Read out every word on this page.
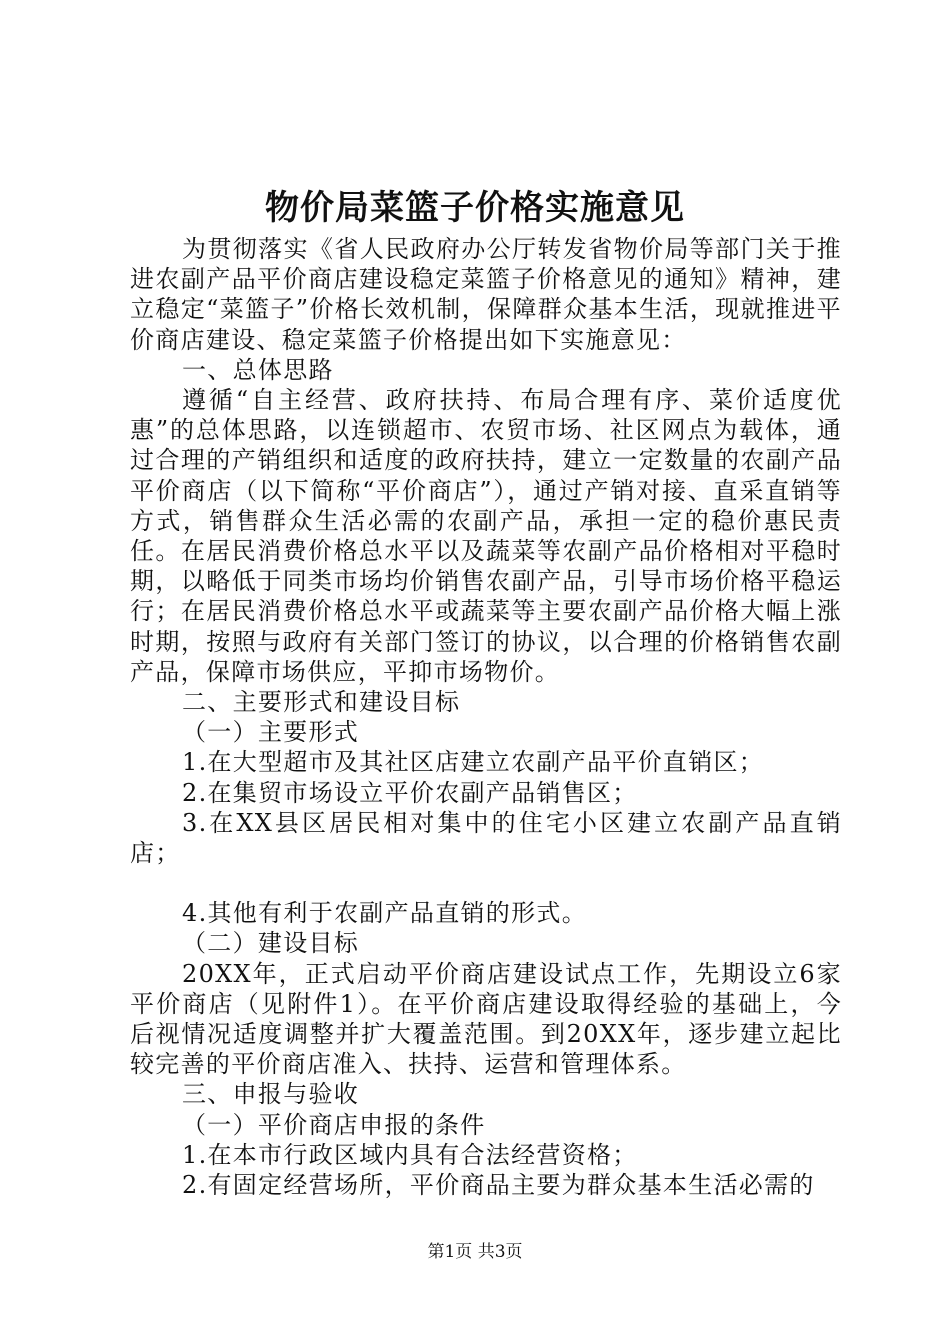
物价局菜篮子价格实施意见

为贯彻落实《省人民政府办公厅转发省物价局等部门关于推进农副产品平价商店建设稳定菜篮子价格意见的通知》精神，建立稳定“菜篮子”价格长效机制，保障群众基本生活，现就推进平价商店建设、稳定菜篮子价格提出如下实施意见：

一、总体思路

遵循“自主经营、政府扶持、布局合理有序、菜价适度优惠”的总体思路，以连锁超市、农贸市场、社区网点为载体，通过合理的产销组织和适度的政府扶持，建立一定数量的农副产品平价商店（以下简称“平价商店”），通过产销对接、直采直销等方式，销售群众生活必需的农副产品，承担一定的稳价惠民责任。在居民消费价格总水平以及蔬菜等农副产品价格相对平稳时期，以略低于同类市场均价销售农副产品，引导市场价格平稳运行；在居民消费价格总水平或蔬菜等主要农副产品价格大幅上涨时期，按照与政府有关部门签订的协议，以合理的价格销售农副产品，保障市场供应，平抑市场物价。

二、主要形式和建设目标

（一）主要形式

1.在大型超市及其社区店建立农副产品平价直销区；

2.在集贸市场设立平价农副产品销售区；

3.在XX县区居民相对集中的住宅小区建立农副产品直销店；

4.其他有利于农副产品直销的形式。

（二）建设目标

20XX年，正式启动平价商店建设试点工作，先期设立6家平价商店（见附件1）。在平价商店建设取得经验的基础上，今后视情况适度调整并扩大覆盖范围。到20XX年，逐步建立起比较完善的平价商店准入、扶持、运营和管理体系。

三、申报与验收

（一）平价商店申报的条件

1.在本市行政区域内具有合法经营资格；

2.有固定经营场所，平价商品主要为群众基本生活必需的

第1页 共3页
